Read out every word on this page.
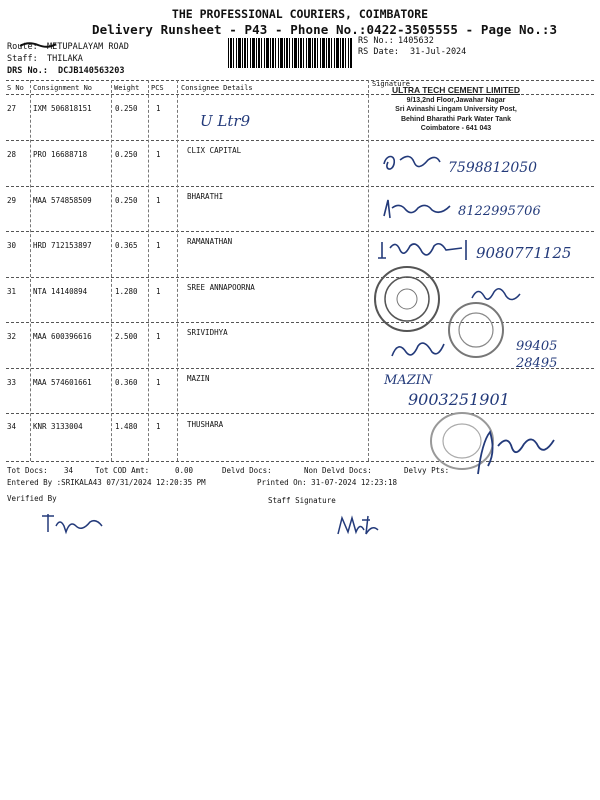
THE PROFESSIONAL COURIERS, COIMBATORE
Delivery Runsheet - P43 - Phone No.:0422-3505555 - Page No.:3
Route: METUPALAYAM ROAD
Staff: THILAKA
DRS No.: DCJB140563203
RS No.: 1405632
RS Date: 31-Jul-2024
S No Consignment No	Weight PCS Consignee Details	Signature
27 IXM 506818151	0.250 1
U Ltr9
28 PRO 16688718	0.250 1	CLIX CAPITAL
7598812050
29 MAA 574858509	0.250 1	BHARATHI
8122995706
30 HRD 712153897	0.365 1	RAMANATHAN
9080771125
31 NTA 14140894	1.280 1	SREE ANNAPOORNA
32 MAA 600396616	2.500 1	SRIVIDHYA
99405 28495
33 MAA 574601661	0.360 1	MAZIN	MAZIN
9003251901
34 KNR 3133004	1.480 1	THUSHARA
ULTRA TECH CEMENT LIMITED
9/13,2nd Floor,Jawahar Nagar
Sri Avinashi Lingam University Post,
Behind Bharathi Park Water Tank
Coimbatore - 641 043
Tot Docs: 34	Tot COD Amt:	0.00	Delvd Docs:	Non Delvd Docs:	Delvy Pts:
Entered By :SRIKALA43 07/31/2024 12:20:35 PM	Printed On: 31-07-2024 12:23:18
Verified By	Staff Signature
